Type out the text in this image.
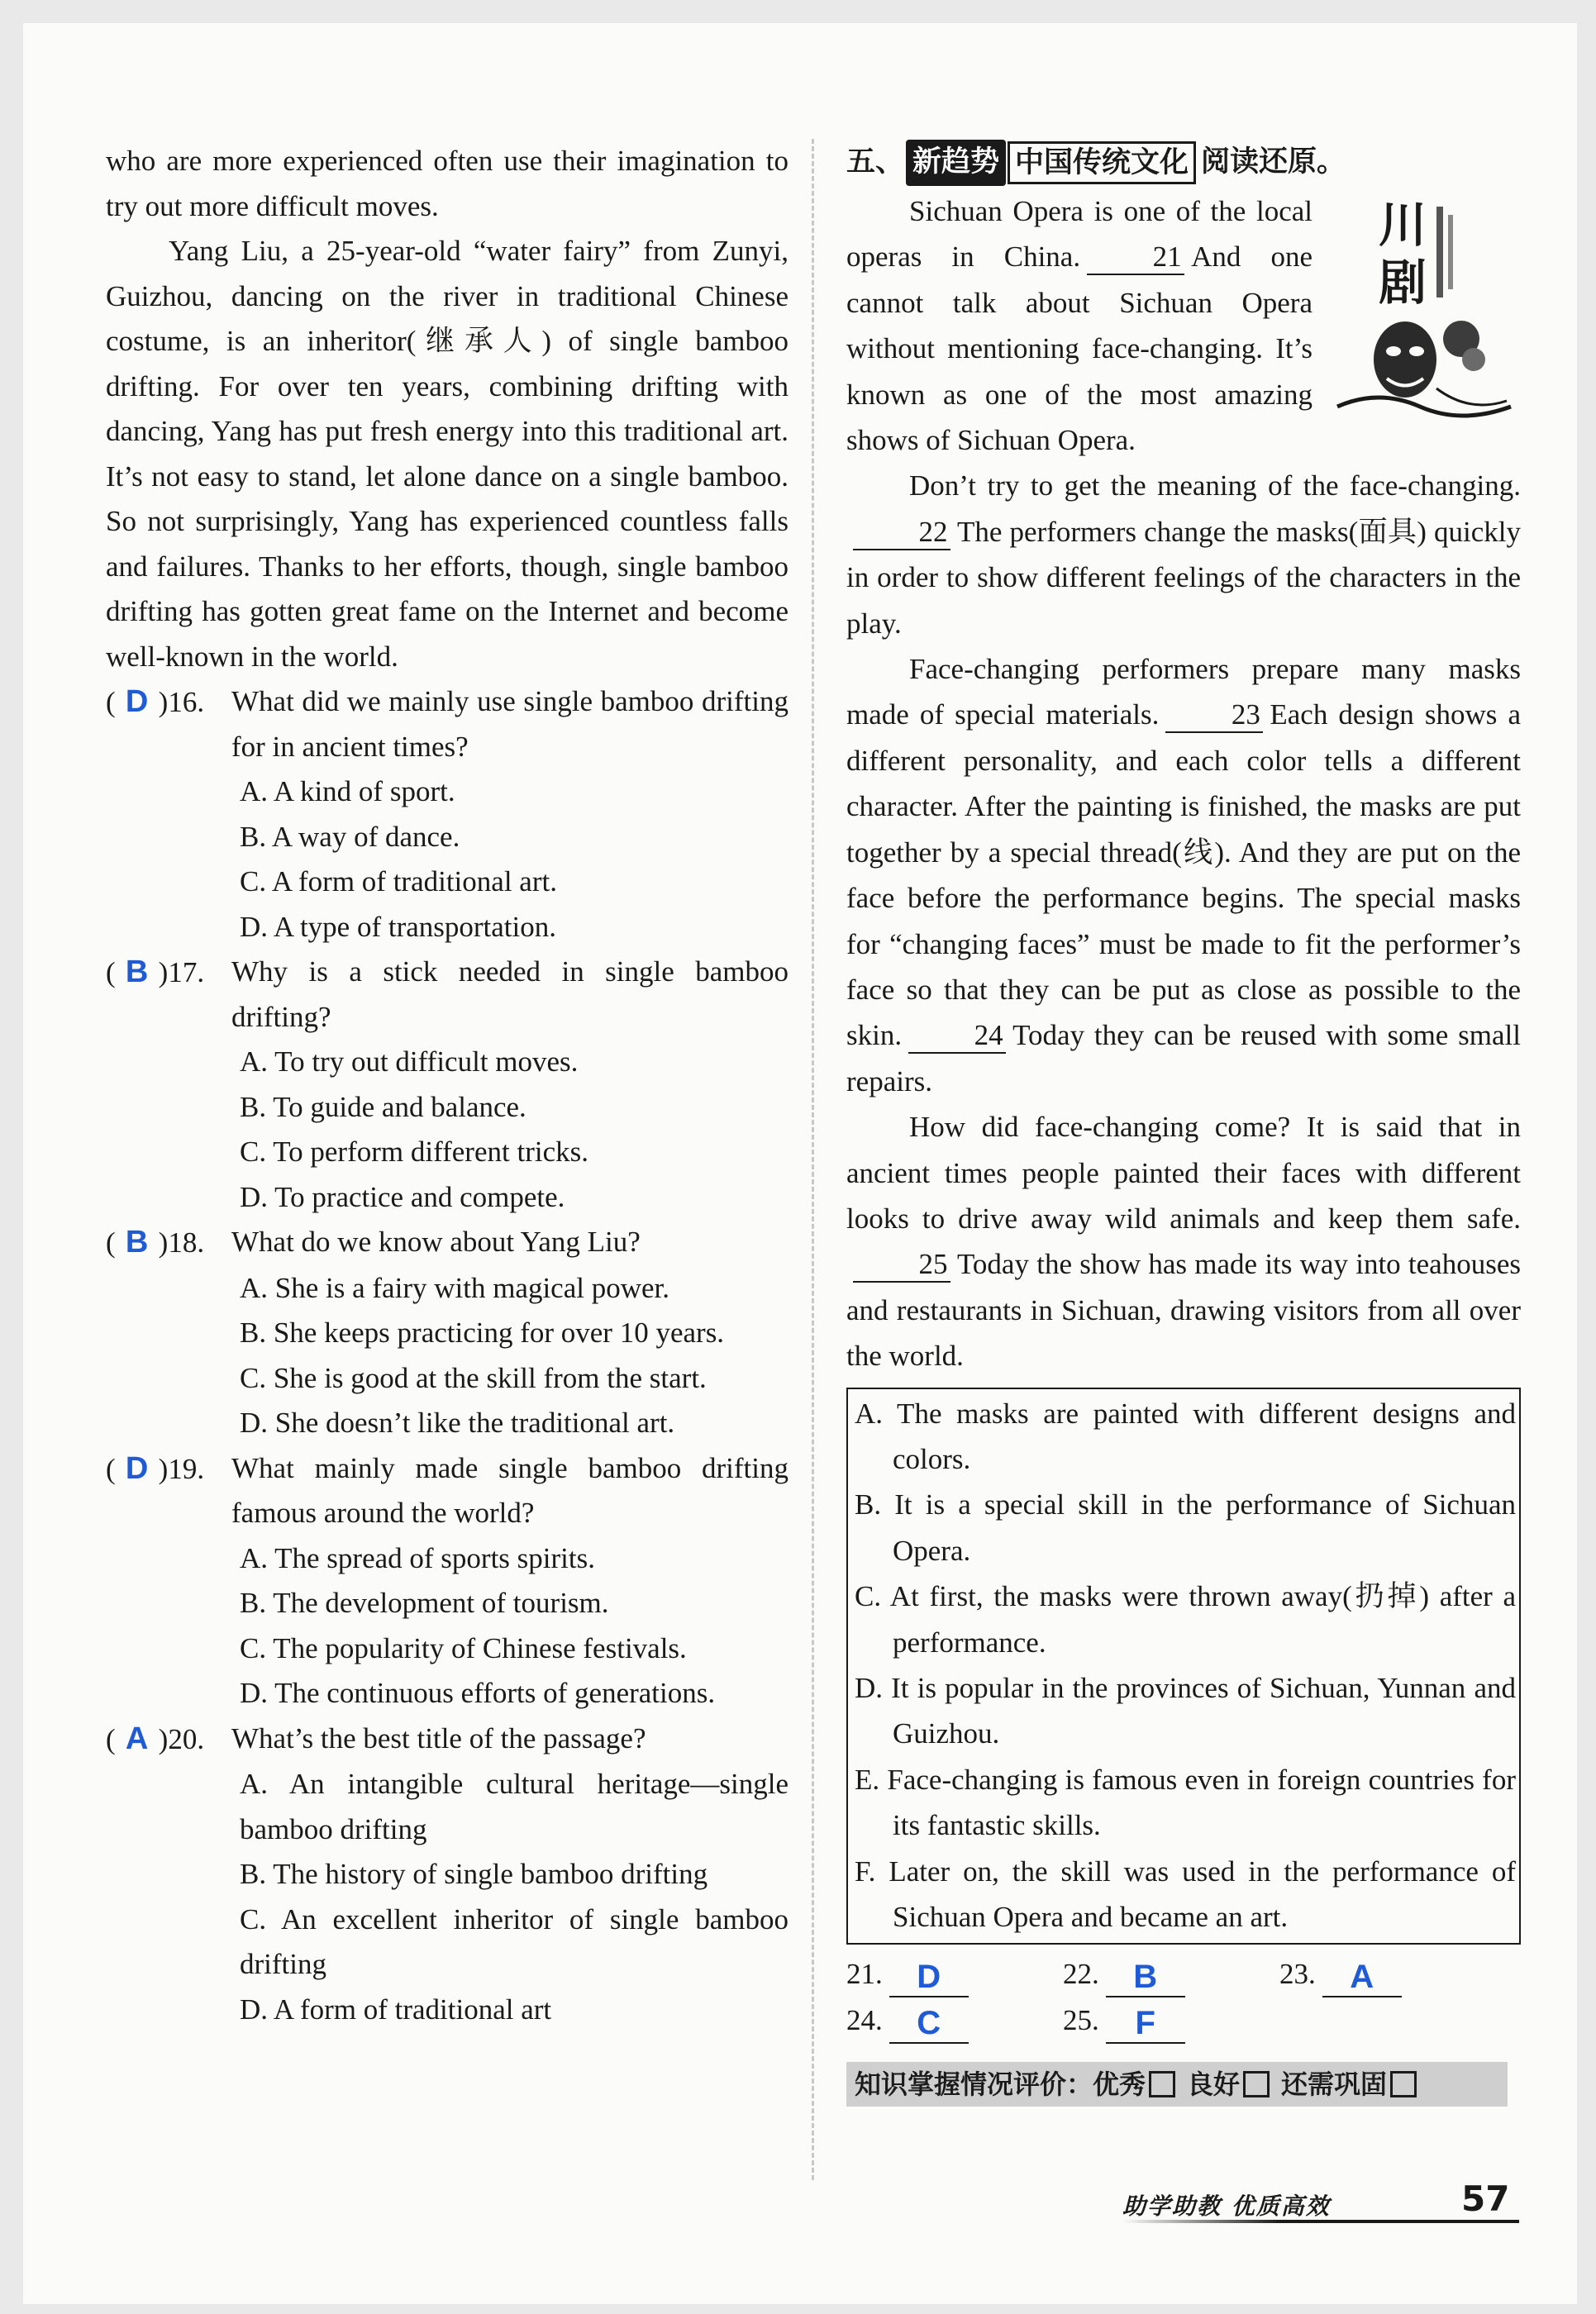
who are more experienced often use their imagination to try out more difficult moves.

Yang Liu, a 25-year-old “water fairy” from Zunyi, Guizhou, dancing on the river in traditional Chinese costume, is an inheritor(继承人) of single bamboo drifting. For over ten years, combining drifting with dancing, Yang has put fresh energy into this traditional art. It’s not easy to stand, let alone dance on a single bamboo. So not surprisingly, Yang has experienced countless falls and failures. Thanks to her efforts, though, single bamboo drifting has gotten great fame on the Internet and become well-known in the world.

( D )16. What did we mainly use single bamboo drifting for in ancient times?
A. A kind of sport.
B. A way of dance.
C. A form of traditional art.
D. A type of transportation.
( B )17. Why is a stick needed in single bamboo drifting?
A. To try out difficult moves.
B. To guide and balance.
C. To perform different tricks.
D. To practice and compete.
( B )18. What do we know about Yang Liu?
A. She is a fairy with magical power.
B. She keeps practicing for over 10 years.
C. She is good at the skill from the start.
D. She doesn’t like the traditional art.
( D )19. What mainly made single bamboo drifting famous around the world?
A. The spread of sports spirits.
B. The development of tourism.
C. The popularity of Chinese festivals.
D. The continuous efforts of generations.
( A )20. What’s the best title of the passage?
A. An intangible cultural heritage—single bamboo drifting
B. The history of single bamboo drifting
C. An excellent inheritor of single bamboo drifting
D. A form of traditional art
五、 新趋势 中国传统文化 阅读还原。
川
剧

Sichuan Opera is one of the local operas in China.	21 And one cannot talk about Sichuan Opera without mentioning face-changing. It’s known as one of the most amazing shows of Sichuan Opera.

Don’t try to get the meaning of the face-changing.22 The performers change the masks(面具) quickly in order to show different feelings of the characters in the play.

Face-changing performers prepare many masks made of special materials.	23 Each design shows a different personality, and each color tells a different character. After the painting is finished, the masks are put together by a special thread(线). And they are put on the face before the performance begins. The special masks for “changing faces” must be made to fit the performer’s face so that they can be put as close as possible to the skin.	24 Today they can be reused with some small repairs.

How did face-changing come? It is said that in ancient times people painted their faces with different looks to drive away wild animals and keep them safe.25 Today the show has made its way into teahouses and restaurants in Sichuan, drawing visitors from all over the world.

A. The masks are painted with different designs and colors.
B. It is a special skill in the performance of Sichuan Opera.
C. At first, the masks were thrown away(扔掉) after a performance.
D. It is popular in the provinces of Sichuan, Yunnan and Guizhou.
E. Face-changing is famous even in foreign countries for its fantastic skills.
F. Later on, the skill was used in the performance of Sichuan Opera and became an art.
21.	D	22.	B	23.	A
24.	C	25.	F
知识掌握情况评价： 优秀 良好 还需巩固
助学助教 优质高效	57
